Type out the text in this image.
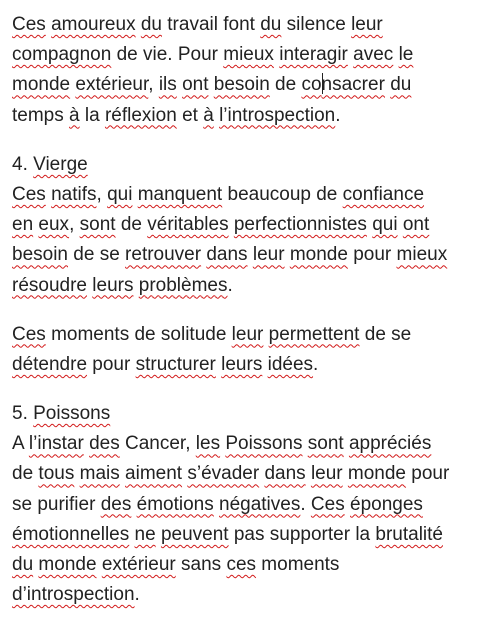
Ces amoureux du travail font du silence leur
compagnon de vie. Pour mieux interagir avec le
monde extérieur, ils ont besoin de consacrer du
temps à la réflexion et à l’introspection.

4. Vierge
Ces natifs, qui manquent beaucoup de confiance
en eux, sont de véritables perfectionnistes qui ont
besoin de se retrouver dans leur monde pour mieux
résoudre leurs problèmes.

Ces moments de solitude leur permettent de se
détendre pour structurer leurs idées.

5. Poissons
A l’instar des Cancer, les Poissons sont appréciés
de tous mais aiment s’évader dans leur monde pour
se purifier des émotions négatives. Ces éponges
émotionnelles ne peuvent pas supporter la brutalité
du monde extérieur sans ces moments
d’introspection.
